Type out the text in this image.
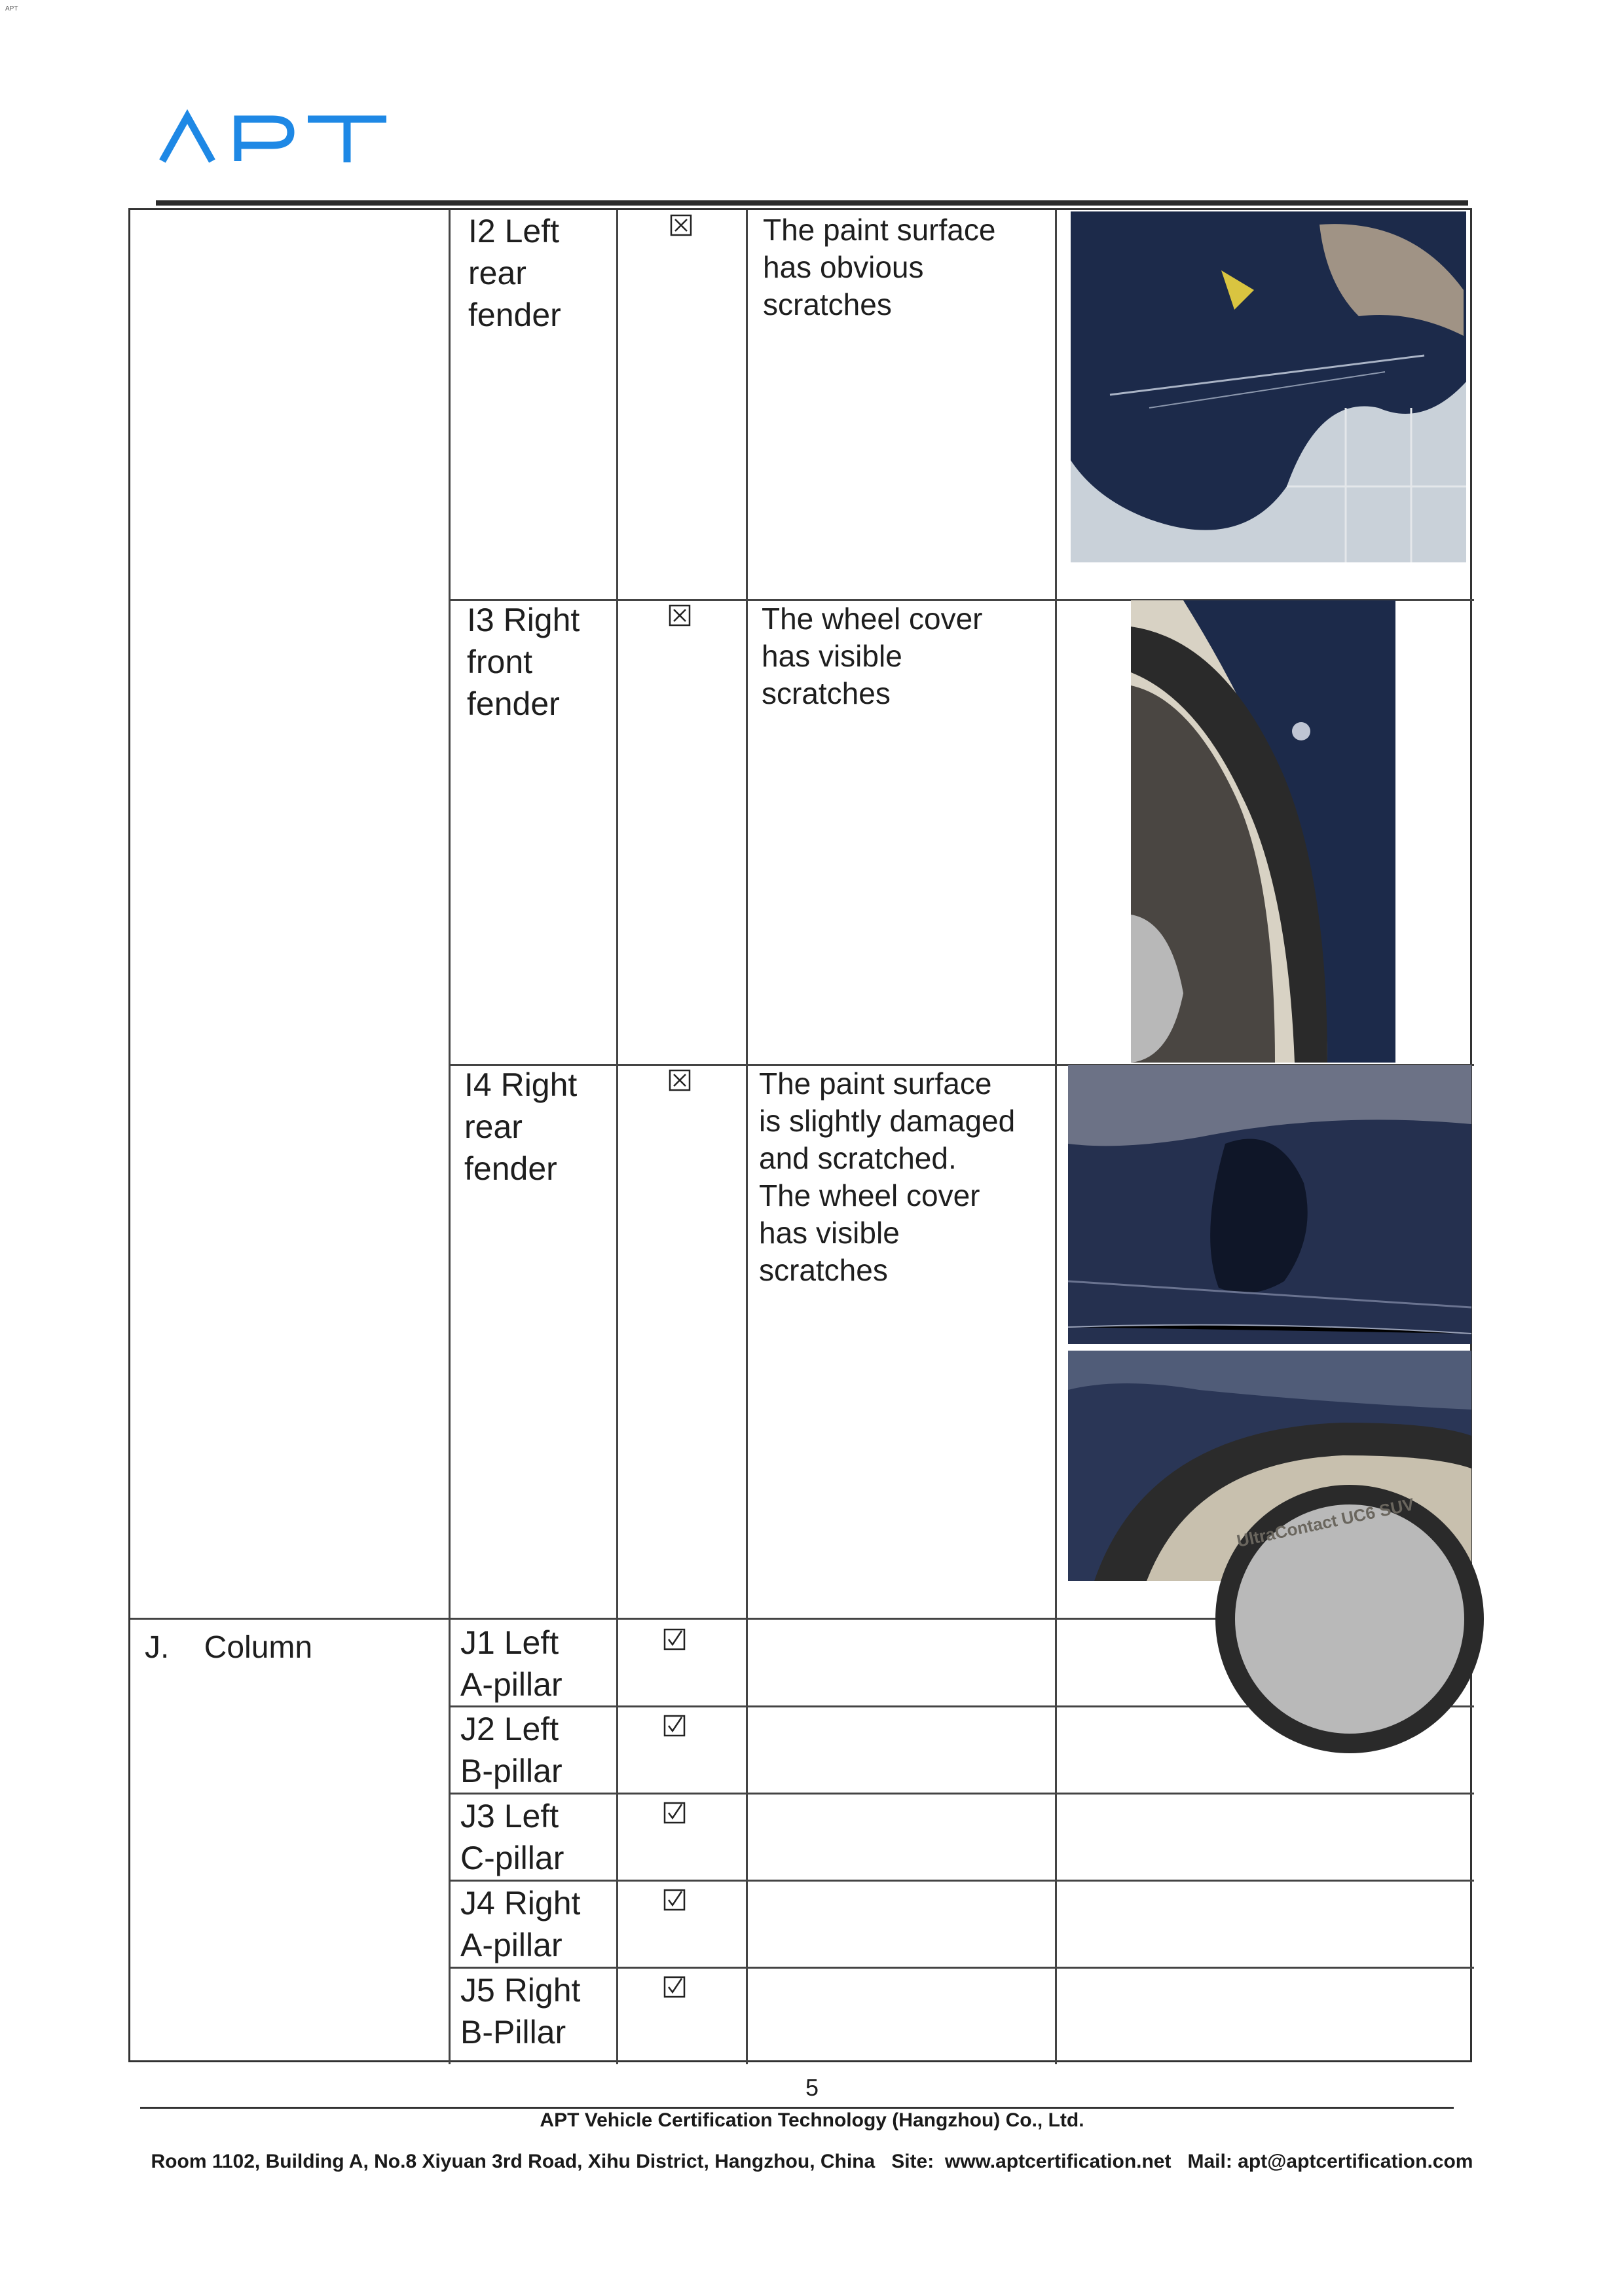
APT
APT
J.    Column
I2 Left
rear
fender
The paint surface
has obvious
scratches
I3 Right
front
fender
The wheel cover
has visible
scratches
I4 Right
rear
fender
The paint surface
is slightly damaged
and scratched.
The wheel cover
has visible
scratches
UltraContact UC6 SUV
J1 Left
A-pillar
J2 Left
B-pillar
J3 Left
C-pillar
J4 Right
A-pillar
J5 Right
B-Pillar
5
APT Vehicle Certification Technology (Hangzhou) Co., Ltd.
Room 1102, Building A, No.8 Xiyuan 3rd Road, Xihu District, Hangzhou, China   Site:  www.aptcertification.net   Mail: apt@aptcertification.com
